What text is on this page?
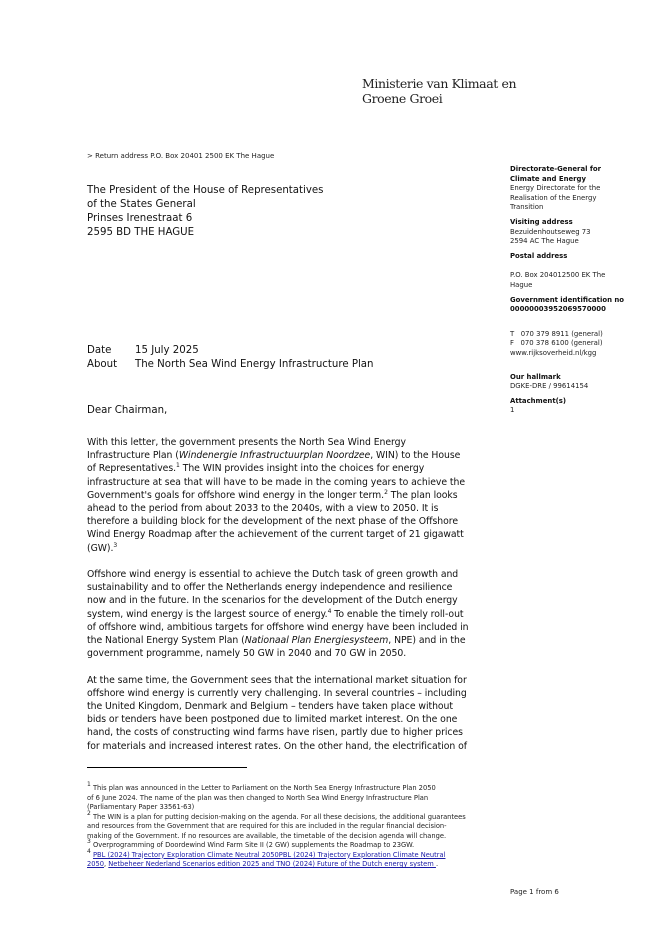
Ministerie van Klimaat en
Groene Groei
> Return address P.O. Box 20401 2500 EK The Hague
The President of the House of Representatives
of the States General
Prinses Irenestraat 6
2595 BD THE HAGUE
Date 15 July 2025
About The North Sea Wind Energy Infrastructure Plan
Dear Chairman,
With this letter, the government presents the North Sea Wind Energy
Infrastructure Plan (Windenergie Infrastructuurplan Noordzee, WIN) to the House
of Representatives.$^1$ The WIN provides insight into the choices for energy
infrastructure at sea that will have to be made in the coming years to achieve the
Government's goals for offshore wind energy in the longer term.$^2$ The plan looks
ahead to the period from about 2033 to the 2040s, with a view to 2050. It is
therefore a building block for the development of the next phase of the Offshore
Wind Energy Roadmap after the achievement of the current target of 21 gigawatt
(GW).$^3$
Offshore wind energy is essential to achieve the Dutch task of green growth and
sustainability and to offer the Netherlands energy independence and resilience
now and in the future. In the scenarios for the development of the Dutch energy
system, wind energy is the largest source of energy.$^4$ To enable the timely roll-out
of offshore wind, ambitious targets for offshore wind energy have been included in
the National Energy System Plan (Nationaal Plan Energiesysteem, NPE) and in the
government programme, namely 50 GW in 2040 and 70 GW in 2050.
At the same time, the Government sees that the international market situation for
offshore wind energy is currently very challenging. In several countries – including
the United Kingdom, Denmark and Belgium – tenders have taken place without
bids or tenders have been postponed due to limited market interest. On the one
hand, the costs of constructing wind farms have risen, partly due to higher prices
for materials and increased interest rates. On the other hand, the electrification of
$^1$ This plan was announced in the Letter to Parliament on the North Sea Energy Infrastructure Plan 2050
of 6 June 2024. The name of the plan was then changed to North Sea Wind Energy Infrastructure Plan
(Parliamentary Paper 33561-63)
$^2$ The WIN is a plan for putting decision-making on the agenda. For all these decisions, the additional guarantees
and resources from the Government that are required for this are included in the regular financial decision-
making of the Government. If no resources are available, the timetable of the decision agenda will change.
$^3$ Overprogramming of Doordewind Wind Farm Site II (2 GW) supplements the Roadmap to 23GW.
$^4$ PBL (2024) Trajectory Exploration Climate Neutral 2050PBL (2024) Trajectory Exploration Climate Neutral
2050, Netbeheer Nederland Scenarios edition 2025 and TNO (2024) Future of the Dutch energy system .
Directorate-General for
Climate and Energy
Energy Directorate for the
Realisation of the Energy
Transition
Visiting address
Bezuidenhoutseweg 73
2594 AC The Hague
Postal address
P.O. Box 204012500 EK The
Hague
Government identification no
00000003952069570000
T   070 379 8911 (general)
F   070 378 6100 (general)
www.rijksoverheid.nl/kgg
Our hallmark
DGKE-DRE / 99614154
Attachment(s)
1
Page 1 from 6
